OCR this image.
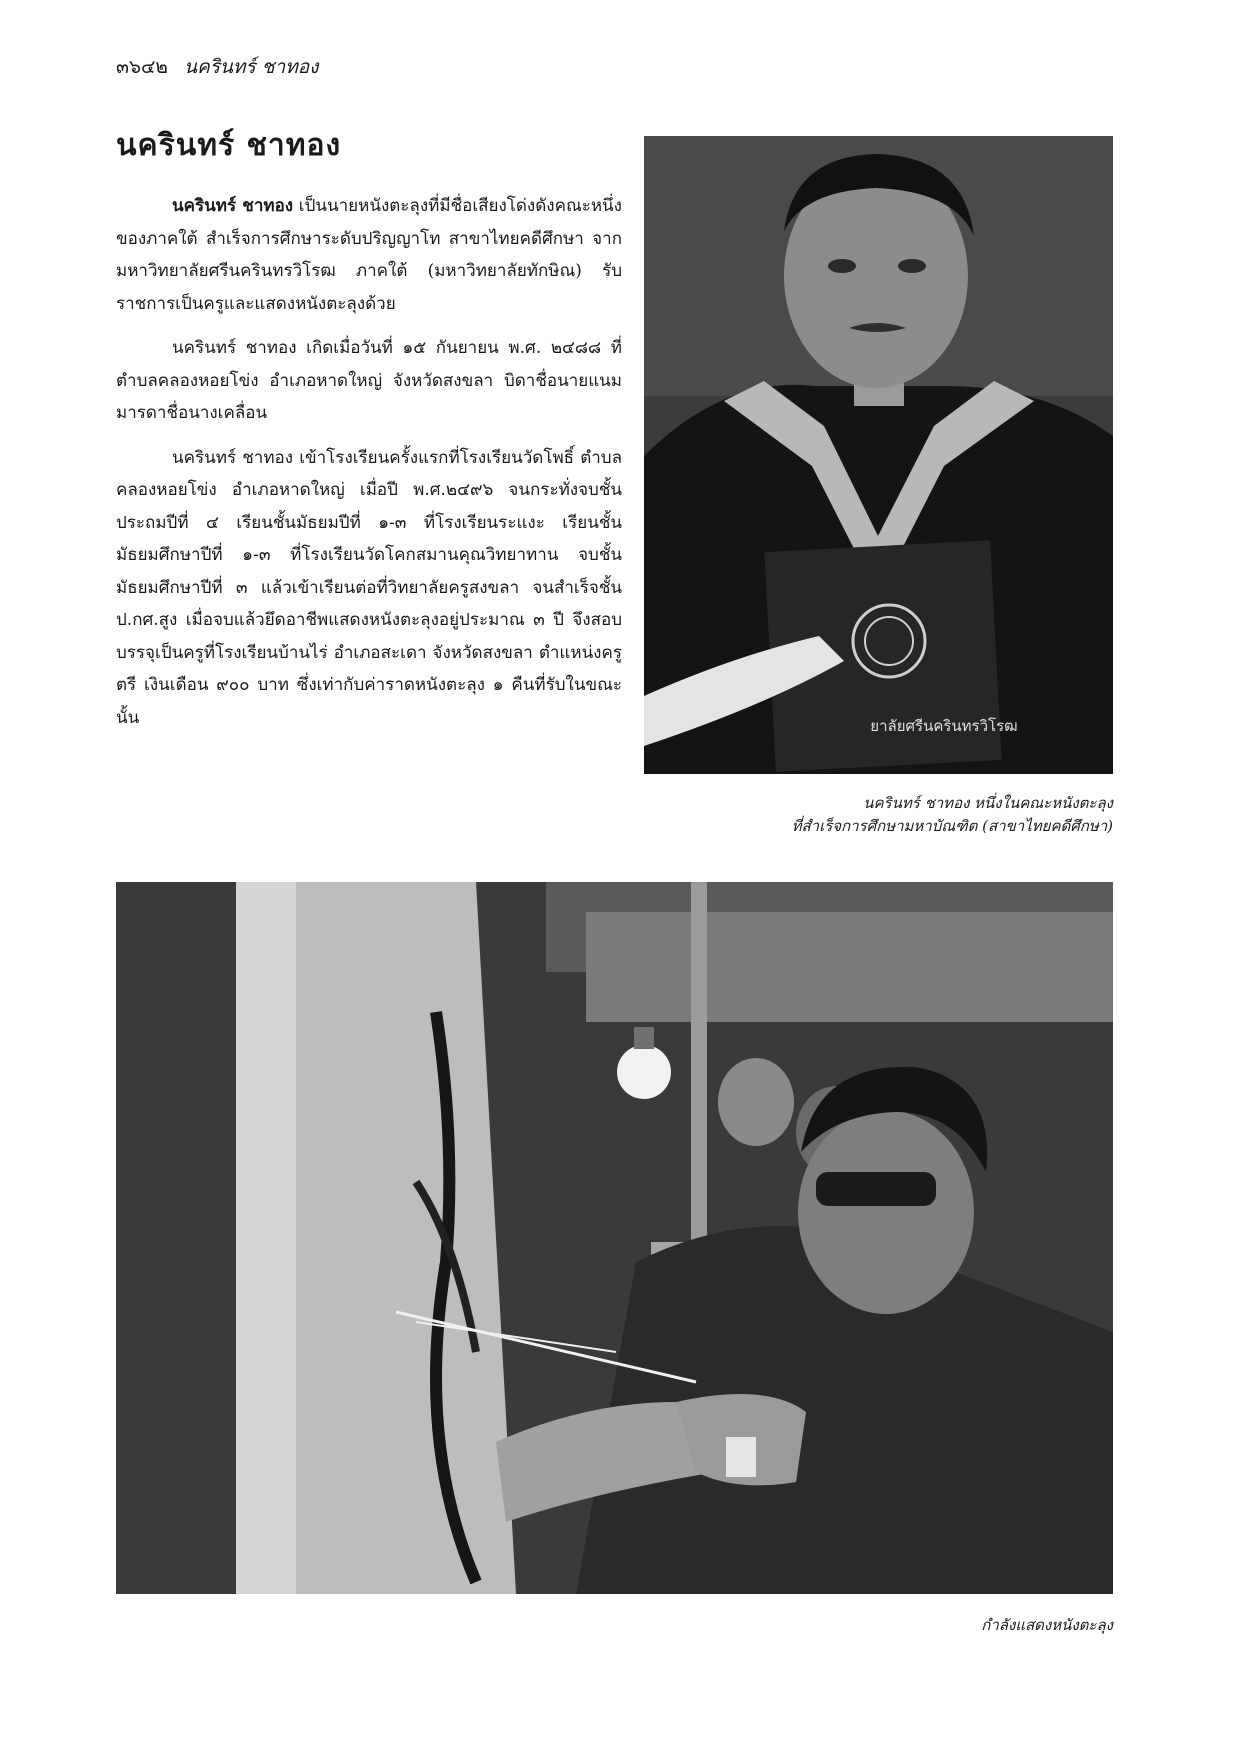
๓๖๔๒ นครินทร์ ชาทอง
นครินทร์ ชาทอง

นครินทร์ ชาทอง เป็นนายหนังตะลุงที่มีชื่อเสียงโด่งดังคณะหนึ่งของภาคใต้ สำเร็จการศึกษาระดับปริญญาโท สาขาไทยคดีศึกษา จากมหาวิทยาลัยศรีนครินทรวิโรฒ ภาคใต้ (มหาวิทยาลัยทักษิณ) รับราชการเป็นครูและแสดงหนังตะลุงด้วย

นครินทร์ ชาทอง เกิดเมื่อวันที่ ๑๕ กันยายน พ.ศ. ๒๔๘๘ ที่ตำบลคลองหอยโข่ง อำเภอหาดใหญ่ จังหวัดสงขลา บิดาชื่อนายแนม มารดาชื่อนางเคลื่อน

นครินทร์ ชาทอง เข้าโรงเรียนครั้งแรกที่โรงเรียนวัดโพธิ์ ตำบลคลองหอยโข่ง อำเภอหาดใหญ่ เมื่อปี พ.ศ.๒๔๙๖ จนกระทั่งจบชั้นประถมปีที่ ๔ เรียนชั้นมัธยมปีที่ ๑-๓ ที่โรงเรียนระแงะ เรียนชั้นมัธยมศึกษาปีที่ ๑-๓ ที่โรงเรียนวัดโคกสมานคุณวิทยาทาน จบชั้นมัธยมศึกษาปีที่ ๓ แล้วเข้าเรียนต่อที่วิทยาลัยครูสงขลา จนสำเร็จชั้น ป.กศ.สูง เมื่อจบแล้วยึดอาชีพแสดงหนังตะลุงอยู่ประมาณ ๓ ปี จึงสอบบรรจุเป็นครูที่โรงเรียนบ้านไร่ อำเภอสะเดา จังหวัดสงขลา ตำแหน่งครูตรี เงินเดือน ๙๐๐ บาท ซึ่งเท่ากับค่าราดหนังตะลุง ๑ คืนที่รับในขณะนั้น	ยาลัยศรีนครินทรวิโรฒ
นครินทร์ ชาทอง หนึ่งในคณะหนังตะลุง
ที่สำเร็จการศึกษามหาบัณฑิต (สาขาไทยคดีศึกษา)
กำลังแสดงหนังตะลุง
